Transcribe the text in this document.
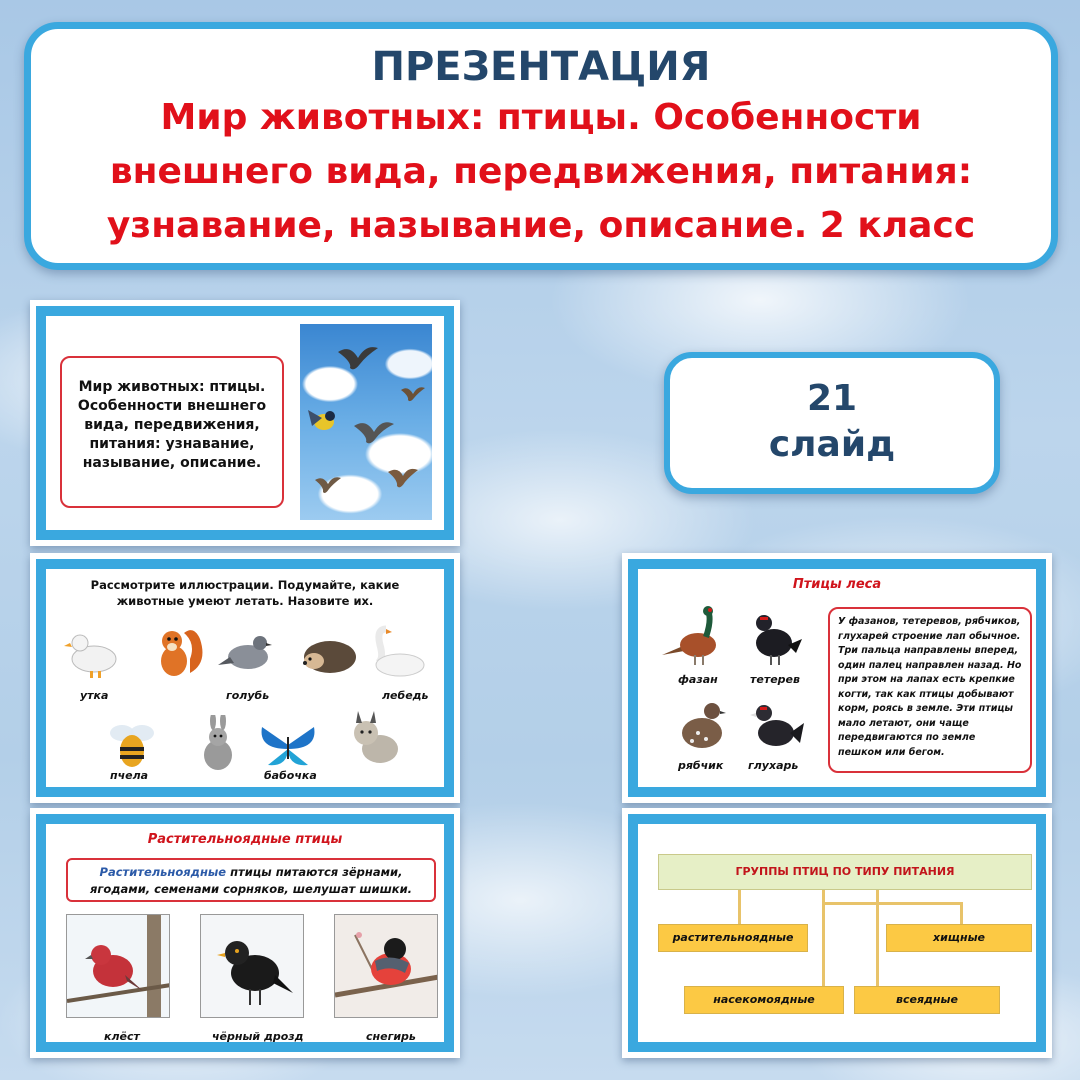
ПРЕЗЕНТАЦИЯ
Мир животных: птицы. Особенности внешнего вида, передвижения, питания: узнавание, называние, описание. 2 класс
21
слайд
Мир животных: птицы. Особенности внешнего вида, передвижения, питания: узнавание, называние, описание.
Рассмотрите иллюстрации. Подумайте, какие животные умеют летать. Назовите их.
утка	голубь	лебедь
пчела	бабочка
Растительноядные птицы
Растительноядные птицы питаются зёрнами, ягодами, семенами сорняков, шелушат шишки.
клёст	чёрный дрозд	снегирь
Птицы леса
фазан	тетерев
рябчик глухарь
У фазанов, тетеревов, рябчиков, глухарей строение лап обычное. Три пальца направлены вперед, один палец направлен назад. Но при этом на лапах есть крепкие когти, так как птицы добывают корм, роясь в земле. Эти птицы мало летают, они чаще передвигаются по земле пешком или бегом.
ГРУППЫ ПТИЦ ПО ТИПУ ПИТАНИЯ
растительноядные	хищные
насекомоядные	всеядные
